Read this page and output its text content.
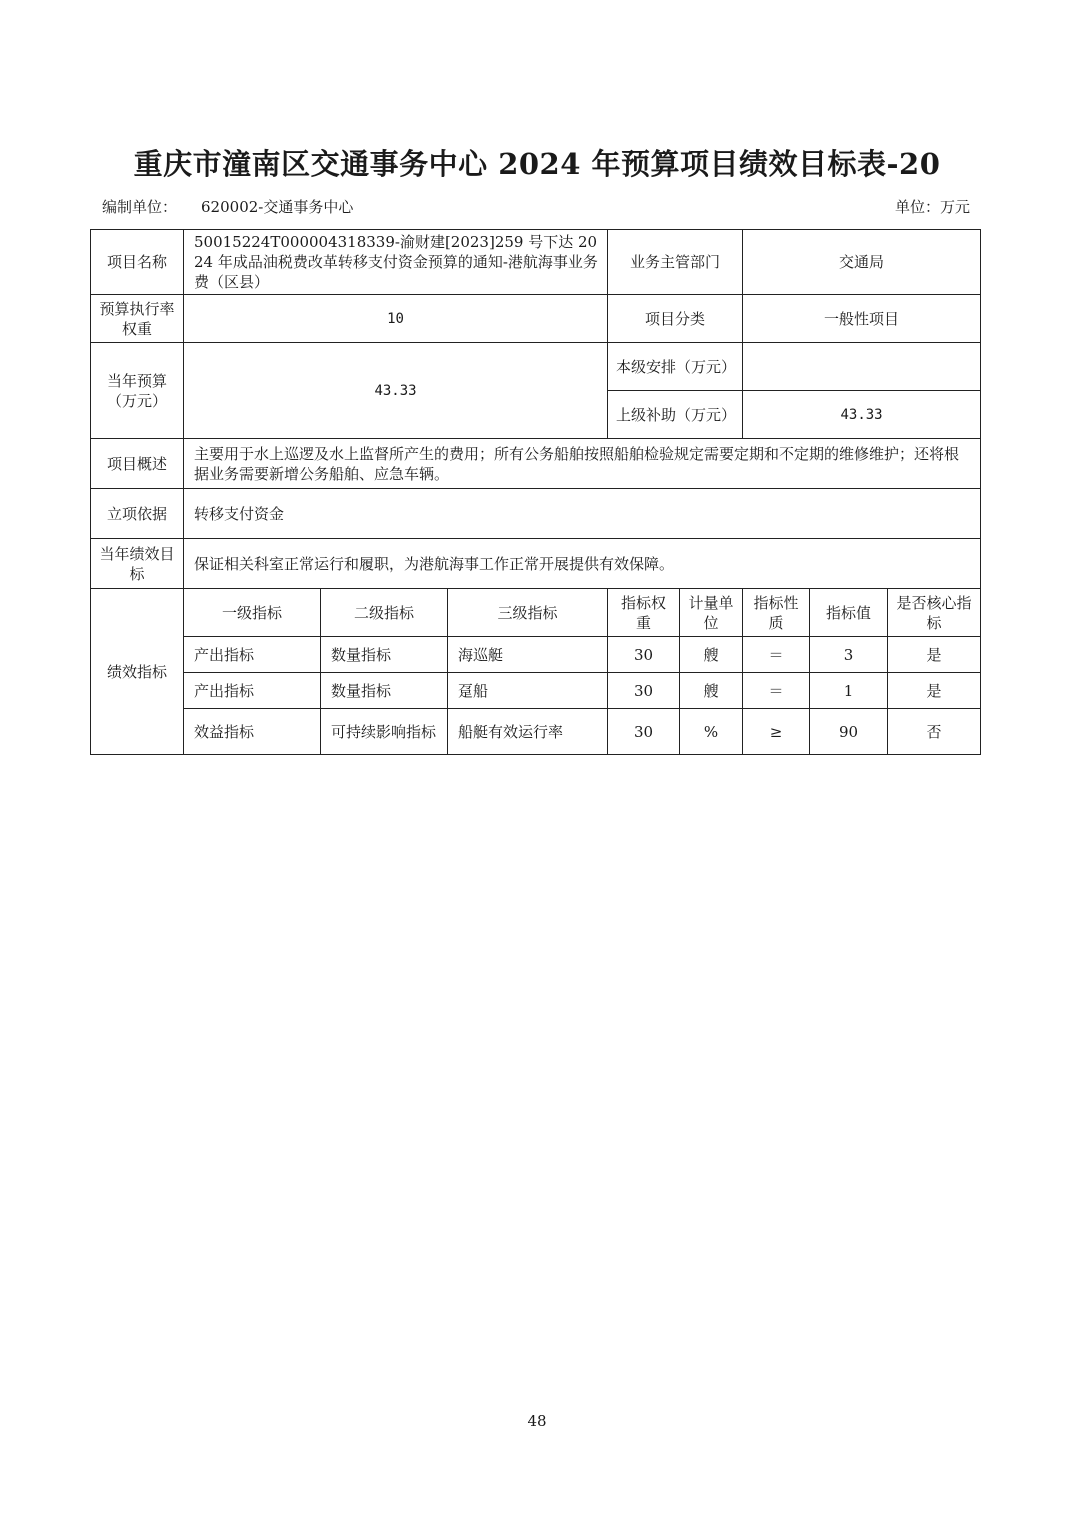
重庆市潼南区交通事务中心 2024 年预算项目绩效目标表-20
编制单位： 620002-交通事务中心	单位：万元
项目名称	50015224T000004318339-渝财建[2023]259 号下达 2024 年成品油税费改革转移支付资金预算的通知-港航海事业务费（区县）			业务主管部门		交通局		
预算执行率权重	10			项目分类		一般性项目		
当年预算（万元）	43.33			本级安排（万元）				
				上级补助（万元）		43.33		
项目概述	主要用于水上巡逻及水上监督所产生的费用；所有公务船舶按照船舶检验规定需要定期和不定期的维修维护；还将根据业务需要新增公务船舶、应急车辆。							
立项依据	转移支付资金							
当年绩效目标	保证相关科室正常运行和履职，为港航海事工作正常开展提供有效保障。							
绩效指标	一级指标	二级指标	三级指标	指标权重	计量单位	指标性质	指标值	是否核心指标
	产出指标	数量指标	海巡艇	30	艘	＝	3	是
	产出指标	数量指标	趸船	30	艘	＝	1	是
	效益指标	可持续影响指标	船艇有效运行率	30	%	≥	90	否
48
